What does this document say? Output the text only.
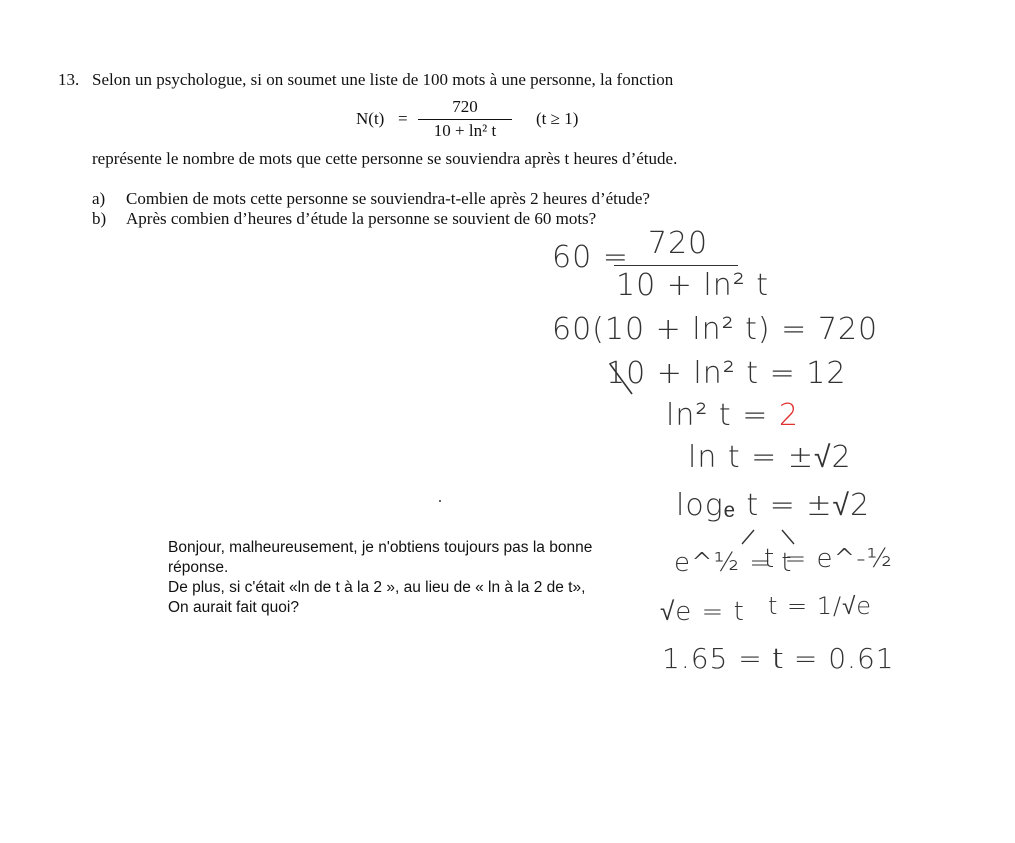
13. Selon un psychologue, si on soumet une liste de 100 mots à une personne, la fonction
N(t) =
720
10 + ln² t
(t ≥ 1)
représente le nombre de mots que cette personne se souviendra après t heures d’étude.
a) Combien de mots cette personne se souviendra-t-elle après 2 heures d’étude?
b) Après combien d’heures d’étude la personne se souvient de 60 mots?
60 = 720
10 + ln² t
60(10 + ln² t) = 720
10 + ln² t = 12
ln² t = 2
ln t = ±√2
logₑ t = ±√2
e^½ = t
t = e^-½
√e = t t = 1/√e
1.65 = t
t = 0.61
Bonjour, malheureusement, je n'obtiens toujours pas la bonne
réponse.
De plus, si c'était «ln de t à la 2 », au lieu de « ln à la 2 de t»,
On aurait fait quoi?
